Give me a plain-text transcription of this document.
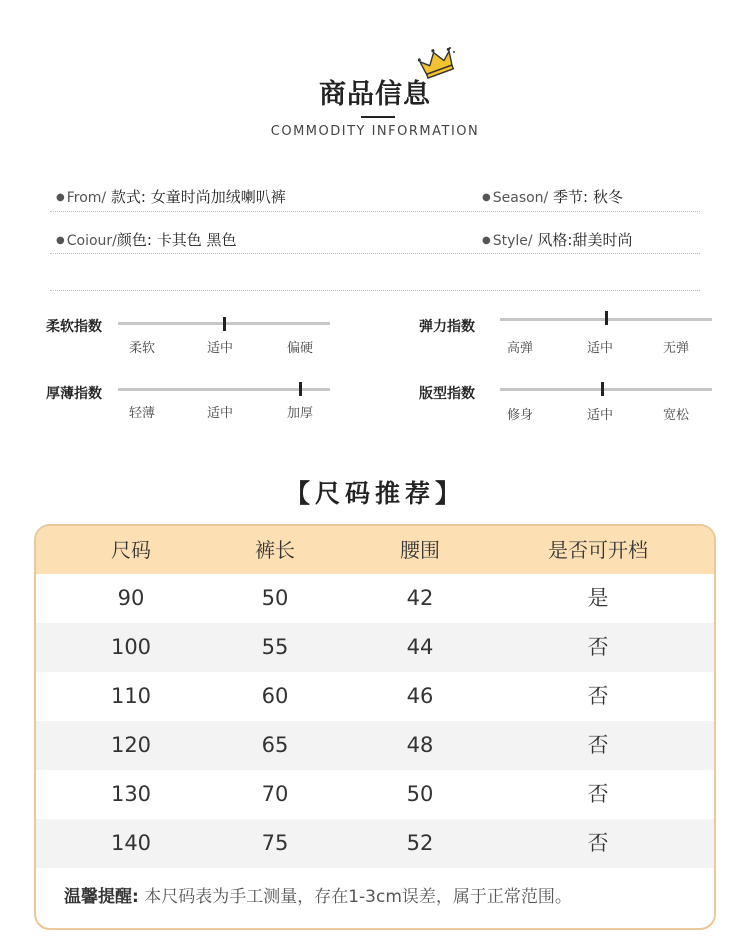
商品信息
COMMODITY INFORMATION
● From/ 款式: 女童时尚加绒喇叭裤	● Season/ 季节: 秋冬
● Coiour/颜色: 卡其色 黑色	● Style/ 风格:甜美时尚
柔软指数
柔软	适中	偏硬
弹力指数
高弹	适中	无弹
厚薄指数
轻薄	适中	加厚
版型指数
修身	适中	宽松
【尺码推荐】
尺码	裤长	腰围	是否可开档
90	50	42	是
100	55	44	否
110	60	46	否
120	65	48	否
130	70	50	否
140	75	52	否
温馨提醒: 本尺码表为手工测量，存在1-3cm误差，属于正常范围。
